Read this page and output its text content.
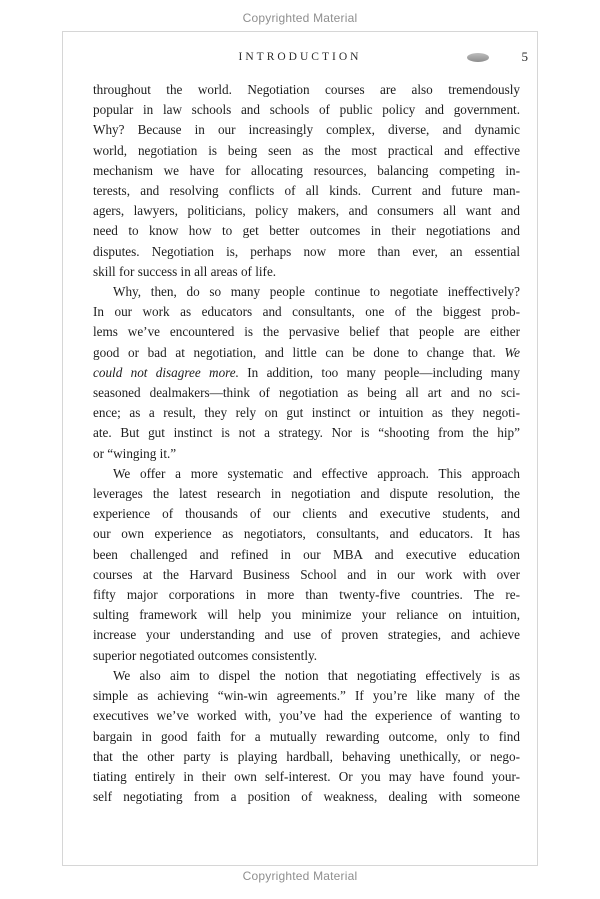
Copyrighted Material
INTRODUCTION	5

throughout the world. Negotiation courses are also tremendously
popular in law schools and schools of public policy and government.
Why? Because in our increasingly complex, diverse, and dynamic
world, negotiation is being seen as the most practical and effective
mechanism we have for allocating resources, balancing competing in-
terests, and resolving conflicts of all kinds. Current and future man-
agers, lawyers, politicians, policy makers, and consumers all want and
need to know how to get better outcomes in their negotiations and
disputes. Negotiation is, perhaps now more than ever, an essential
skill for success in all areas of life.

Why, then, do so many people continue to negotiate ineffectively?
In our work as educators and consultants, one of the biggest prob-
lems we’ve encountered is the pervasive belief that people are either
good or bad at negotiation, and little can be done to change that. We
could not disagree more. In addition, too many people—including many
seasoned dealmakers—think of negotiation as being all art and no sci-
ence; as a result, they rely on gut instinct or intuition as they negoti-
ate. But gut instinct is not a strategy. Nor is “shooting from the hip”
or “winging it.”

We offer a more systematic and effective approach. This approach
leverages the latest research in negotiation and dispute resolution, the
experience of thousands of our clients and executive students, and
our own experience as negotiators, consultants, and educators. It has
been challenged and refined in our MBA and executive education
courses at the Harvard Business School and in our work with over
fifty major corporations in more than twenty-five countries. The re-
sulting framework will help you minimize your reliance on intuition,
increase your understanding and use of proven strategies, and achieve
superior negotiated outcomes consistently.

We also aim to dispel the notion that negotiating effectively is as
simple as achieving “win-win agreements.” If you’re like many of the
executives we’ve worked with, you’ve had the experience of wanting to
bargain in good faith for a mutually rewarding outcome, only to find
that the other party is playing hardball, behaving unethically, or nego-
tiating entirely in their own self-interest. Or you may have found your-
self negotiating from a position of weakness, dealing with someone

Copyrighted Material
